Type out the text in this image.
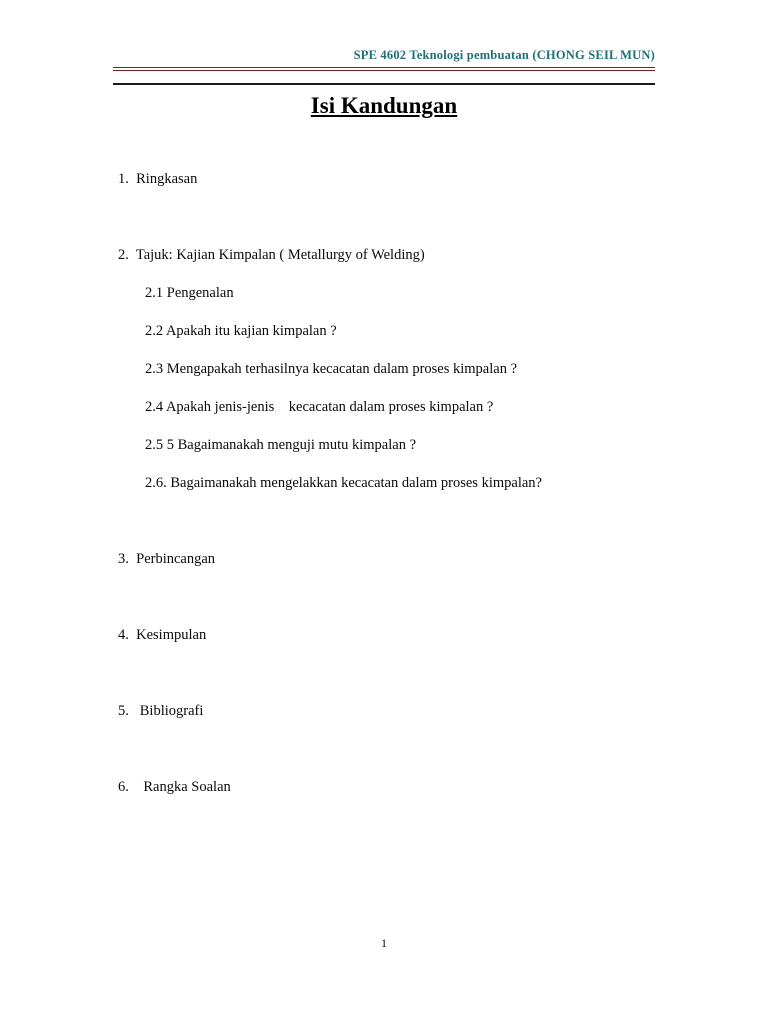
SPE 4602 Teknologi pembuatan (CHONG SEIL MUN)
Isi Kandungan

1.  Ringkasan

2.  Tajuk: Kajian Kimpalan ( Metallurgy of Welding)

2.1 Pengenalan

2.2 Apakah itu kajian kimpalan ?

2.3 Mengapakah terhasilnya kecacatan dalam proses kimpalan ?

2.4 Apakah jenis-jenis    kecacatan dalam proses kimpalan ?

2.5 5 Bagaimanakah menguji mutu kimpalan ?

2.6. Bagaimanakah mengelakkan kecacatan dalam proses kimpalan?

3.  Perbincangan

4.  Kesimpulan

5.   Bibliografi

6.    Rangka Soalan

1
